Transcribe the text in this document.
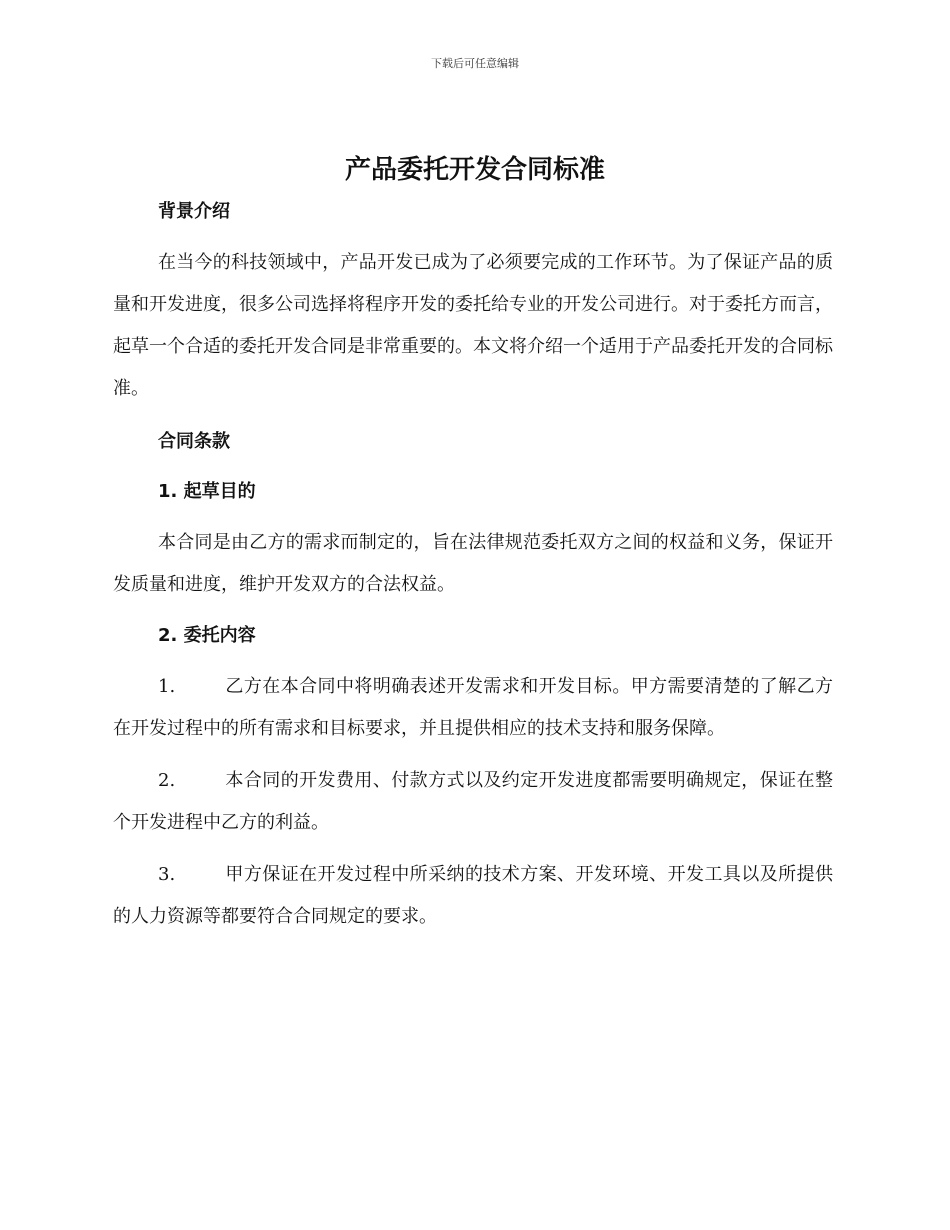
下载后可任意编辑
产品委托开发合同标准
背景介绍

在当今的科技领域中，产品开发已成为了必须要完成的工作环节。为了保证产品的质量和开发进度，很多公司选择将程序开发的委托给专业的开发公司进行。对于委托方而言，起草一个合适的委托开发合同是非常重要的。本文将介绍一个适用于产品委托开发的合同标准。

合同条款
1. 起草目的

本合同是由乙方的需求而制定的，旨在法律规范委托双方之间的权益和义务，保证开发质量和进度，维护开发双方的合法权益。

2. 委托内容

1.	乙方在本合同中将明确表述开发需求和开发目标。甲方需要清楚的了解乙方在开发过程中的所有需求和目标要求，并且提供相应的技术支持和服务保障。

2.	本合同的开发费用、付款方式以及约定开发进度都需要明确规定，保证在整个开发进程中乙方的利益。

3.	甲方保证在开发过程中所采纳的技术方案、开发环境、开发工具以及所提供的人力资源等都要符合合同规定的要求。
